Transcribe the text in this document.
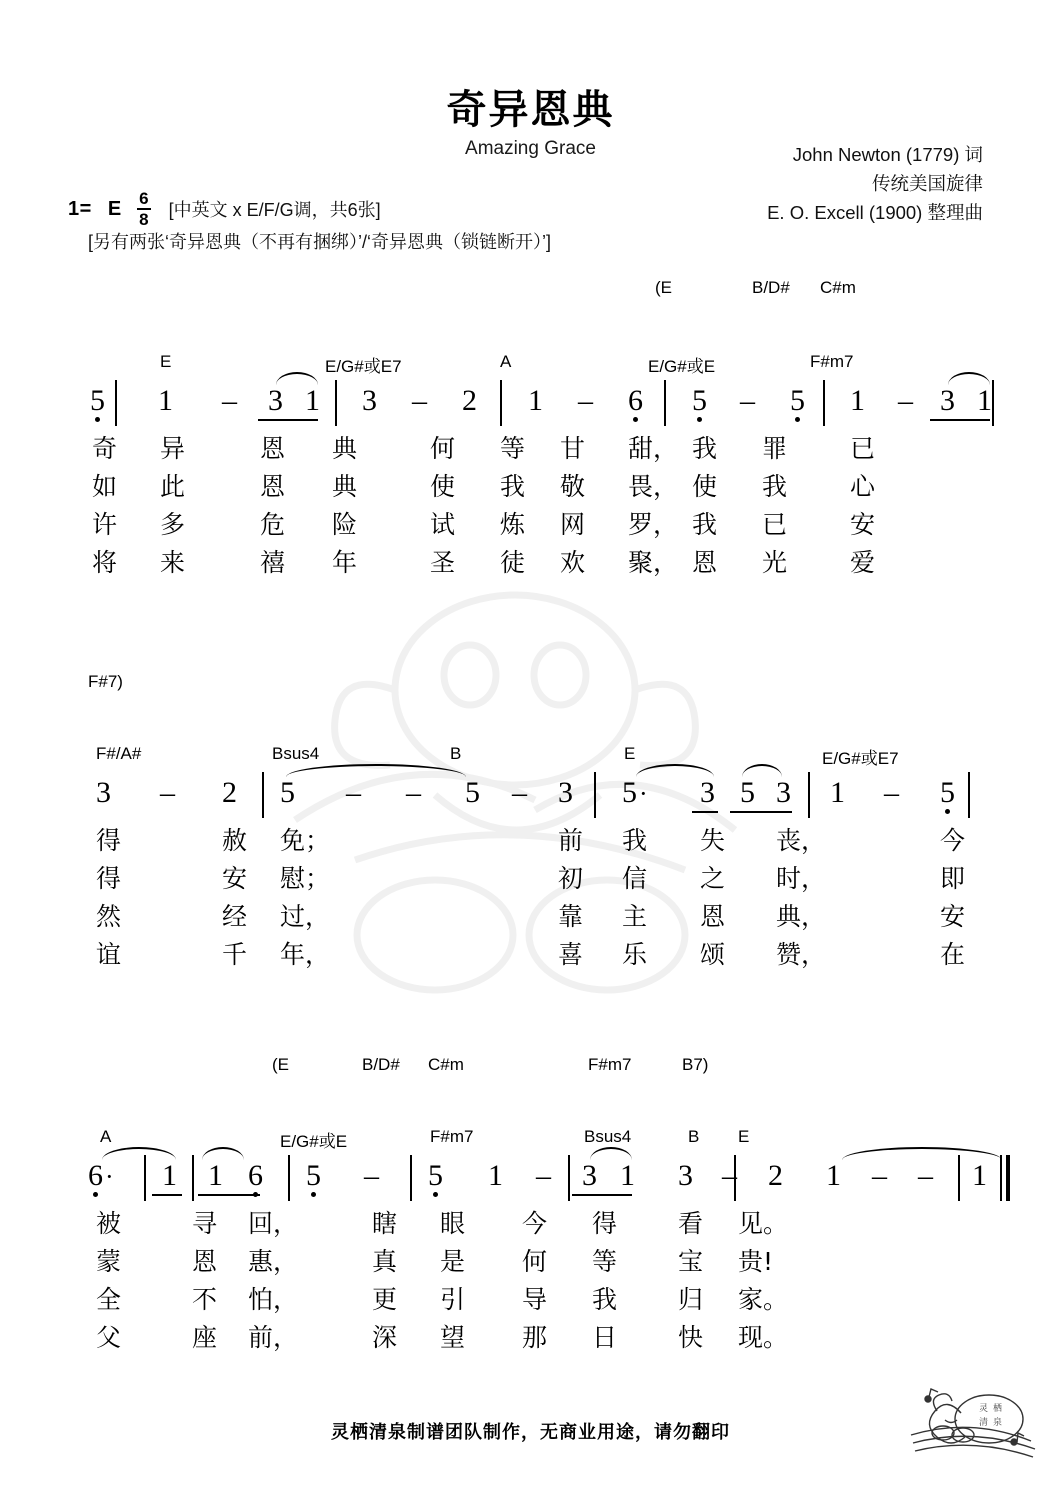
奇异恩典
Amazing Grace	John Newton (1779) 词
传统美国旋律
E. O. Excell (1900) 整理曲
1= E $\frac{6}{8}$ [中英文 x E/F/G调，共6张]
[另有两张‘奇异恩典（不再有捆绑）’/‘奇异恩典（锁链断开）’]
(E	B/D# C#m
E	E/G#或E7	A	E/G#或E	F#m7
5 1 – 3 1 3 – 2 1 – 6 5 – 5 1 – 3 1
奇 异	恩 典	何 等 甘 甜， 我 罪	已
如 此	恩 典	使 我 敬 畏， 使 我	心
许 多	危 险	试 炼 网 罗， 我 已	安
将 来	禧 年	圣 徒 欢 聚， 恩 光	爱
F#7)
F#/A#	Bsus4	B	E	E/G#或E7
3 – 2 5 – – 5 – 3 5· 3 5 3 1 – 5
得	赦 免；	前 我 失 丧，	今
得	安 慰；	初 信 之 时，	即
然	经 过，	靠 主 恩 典，	安
谊	千 年，	喜 乐 颂 赞，	在
(E	B/D# C#m	F#m7	B7)
A	E/G#或E	F#m7	Bsus4	B E
6· 1 1 6 5 – 5 1 – 3 1 3 – 2 1 – – 1
被	寻 回，	瞎 眼 今 得 看 见。
蒙	恩 惠，	真 是 何 等 宝 贵!
全	不 怕，	更 引 导 我 归 家。
父	座 前，	深 望 那 日 快 现。
灵栖清泉制谱团队制作，无商业用途，请勿翻印
灵 栖
清 泉
